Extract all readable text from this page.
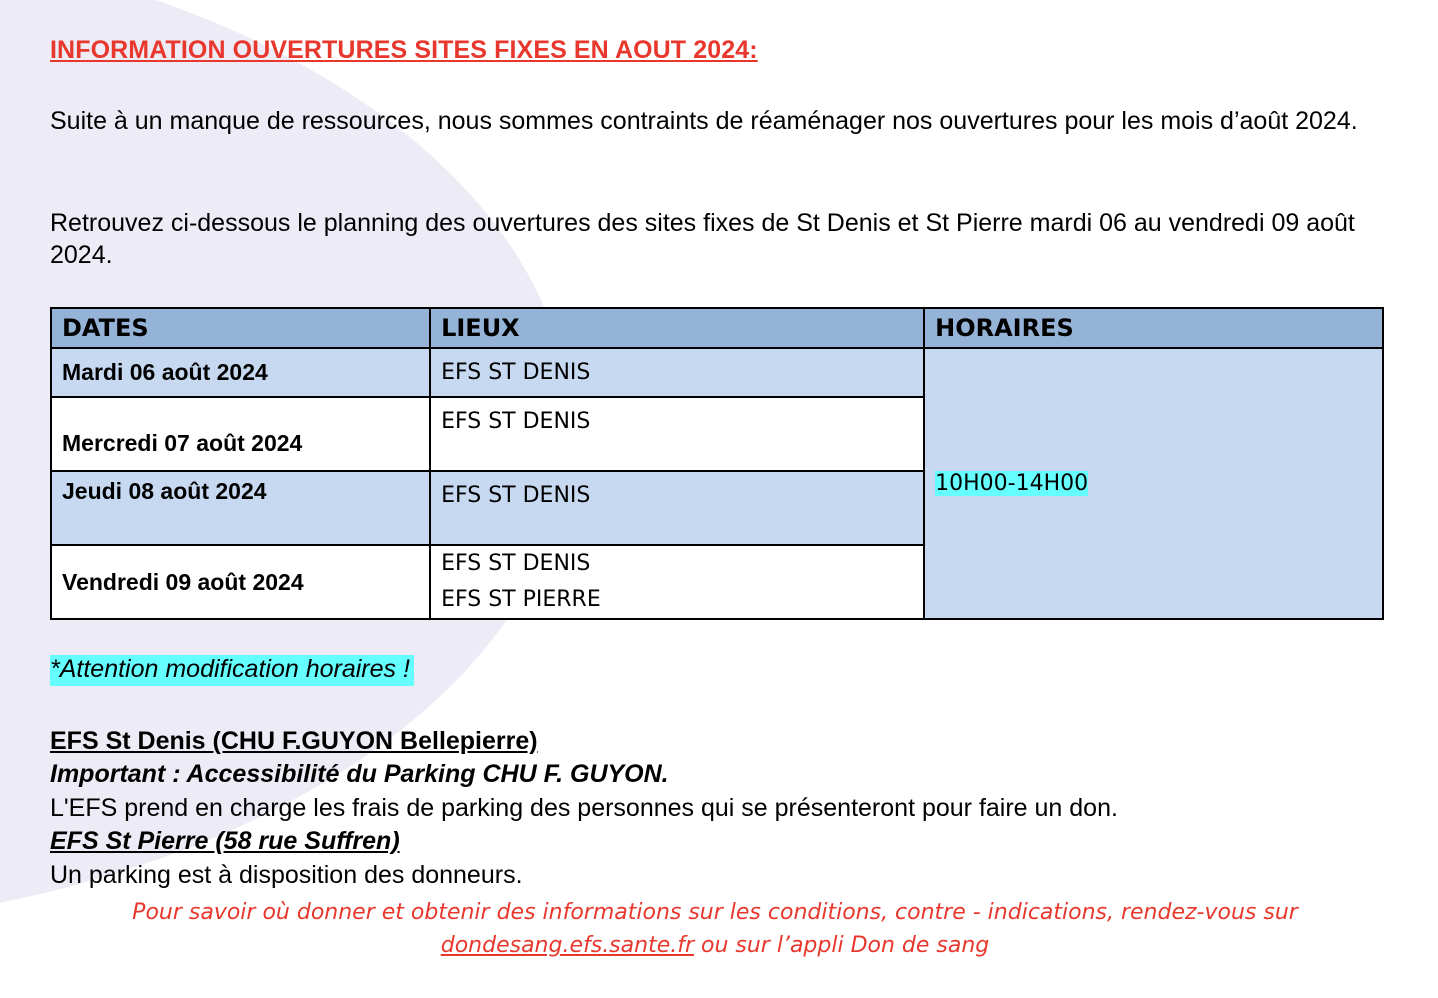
INFORMATION OUVERTURES SITES FIXES EN AOUT 2024:
Suite à un manque de ressources, nous sommes contraints de réaménager nos ouvertures pour les mois d’août 2024.
Retrouvez ci-dessous le planning des ouvertures des sites fixes de St Denis et St Pierre mardi 06 au vendredi 09 août 2024.
DATES	LIEUX	HORAIRES
Mardi 06 août 2024	EFS ST DENIS	10H00-14H00
Mercredi 07 août 2024	EFS ST DENIS	

Jeudi 08 août 2024	EFS ST DENIS	

Vendredi 09 août 2024	EFS ST DENIS
EFS ST PIERRE	
*Attention modification horaires !
EFS St Denis (CHU F.GUYON Bellepierre)
Important : Accessibilité du Parking CHU F. GUYON.
L'EFS prend en charge les frais de parking des personnes qui se présenteront pour faire un don.
EFS St Pierre (58 rue Suffren)
Un parking est à disposition des donneurs.
Pour savoir où donner et obtenir des informations sur les conditions, contre - indications, rendez-vous sur
dondesang.efs.sante.fr ou sur l’appli Don de sang
